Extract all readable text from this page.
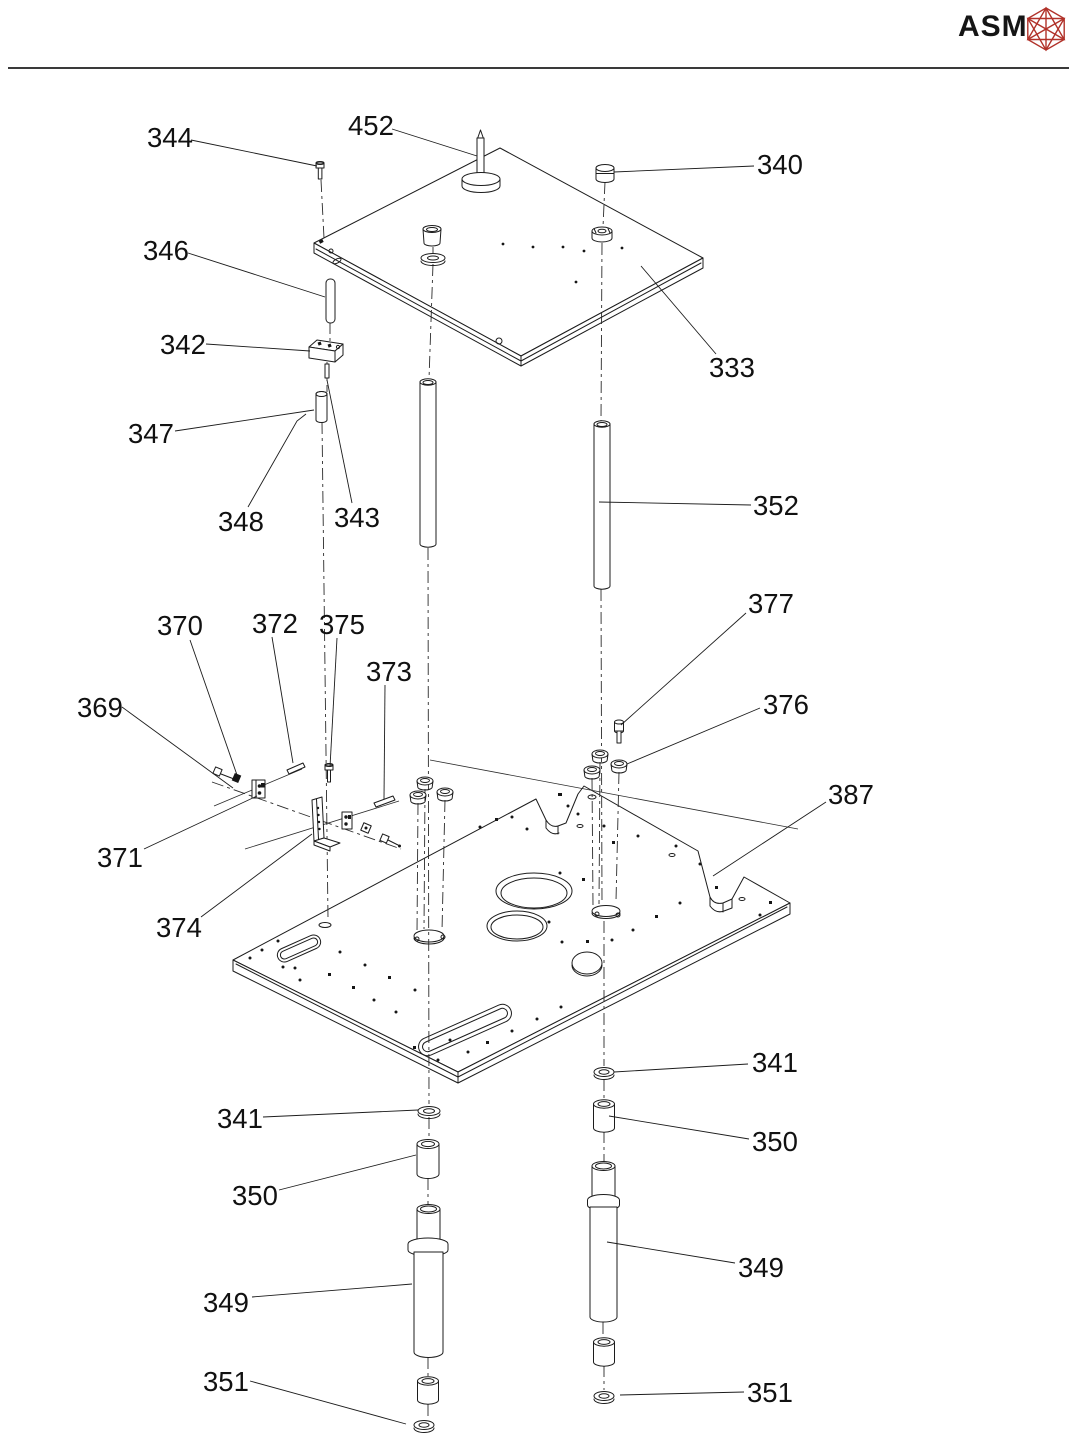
ASM
344	452
340
346
342
333
347
348	343	352
377
370 372 375
373
369	376
387
371
374
341
350
349
351
341
350
349
351
